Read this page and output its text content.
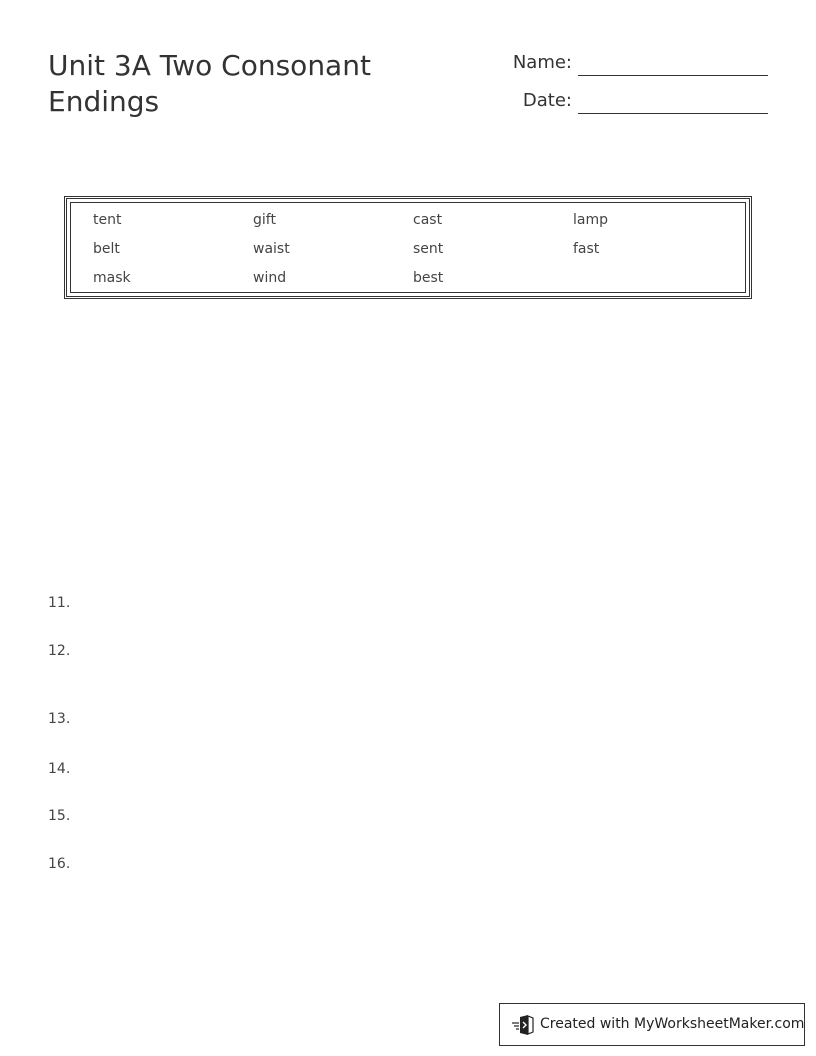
Unit 3A Two Consonant
Endings
Name:
Date:
tent	gift	cast	lamp
belt	waist	sent	fast
mask	wind	best
11.
12.
13.
14.
15.
16.
Created with MyWorksheetMaker.com
